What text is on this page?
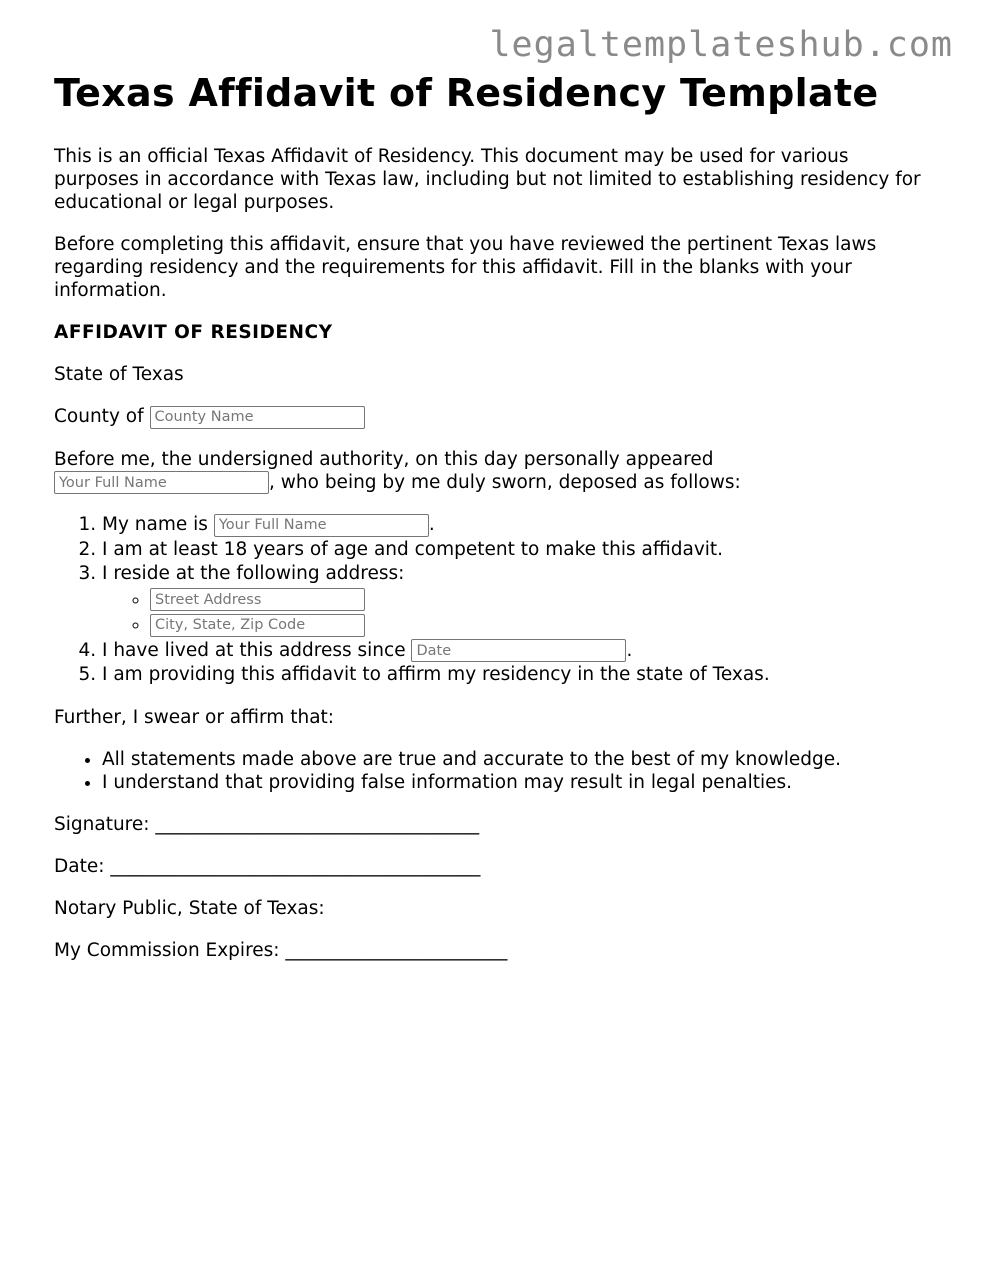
legaltemplateshub.com
Texas Affidavit of Residency Template

This is an official Texas Affidavit of Residency. This document may be used for various purposes in accordance with Texas law, including but not limited to establishing residency for educational or legal purposes.

Before completing this affidavit, ensure that you have reviewed the pertinent Texas laws regarding residency and the requirements for this affidavit. Fill in the blanks with your information.

AFFIDAVIT OF RESIDENCY

State of Texas

County of County Name

Before me, the undersigned authority, on this day personally appeared
Your Full Name, who being by me duly sworn, deposed as follows:

1. My name is Your Full Name	.
2. I am at least 18 years of age and competent to make this affidavit.
3. I reside at the following address:
◦ Street Address
◦ City, State, Zip Code
4. I have lived at this address since Date	.
5. I am providing this affidavit to affirm my residency in the state of Texas.

Further, I swear or affirm that:

• All statements made above are true and accurate to the best of my knowledge.
• I understand that providing false information may result in legal penalties.

Signature: ___________________________________

Date: ________________________________________

Notary Public, State of Texas:

My Commission Expires: ________________________
